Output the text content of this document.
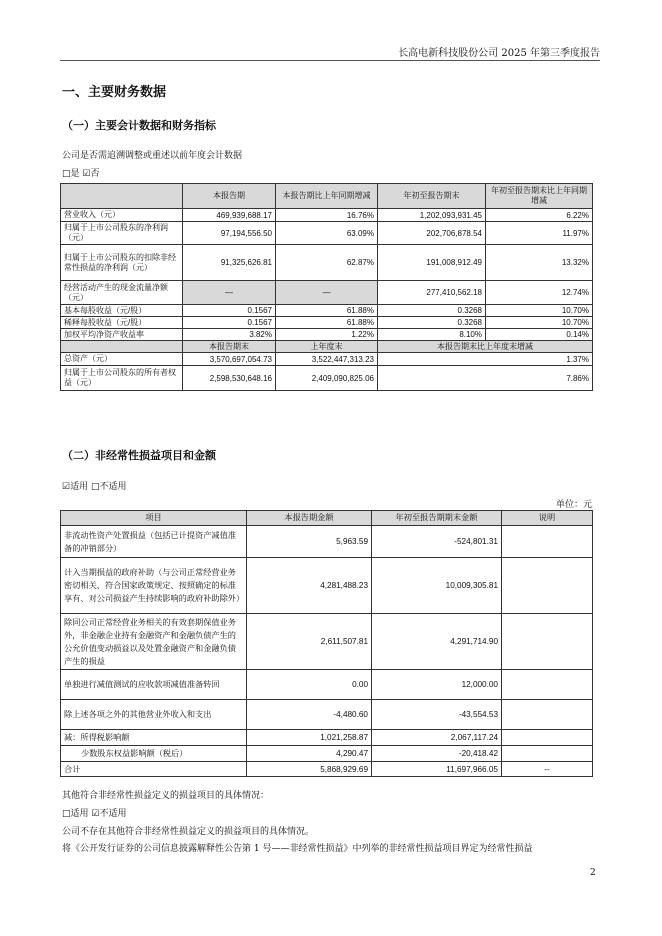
长高电新科技股份公司 2025 年第三季度报告
一、主要财务数据
（一）主要会计数据和财务指标
公司是否需追溯调整或重述以前年度会计数据
□是 ☑否
	本报告期	本报告期比上年同期增减	年初至报告期末	年初至报告期末比上年同期增减
营业收入（元）	469,939,688.17	16.76%	1,202,093,931.45	6.22%
归属于上市公司股东的净利润（元）	97,194,556.50	63.09%	202,706,878.54	11.97%
归属于上市公司股东的扣除非经常性损益的净利润（元）	91,325,626.81	62.87%	191,008,912.49	13.32%
经营活动产生的现金流量净额（元）	—	—	277,410,562.18	12.74%
基本每股收益（元/股）	0.1567	61.88%	0.3268	10.70%
稀释每股收益（元/股）	0.1567	61.88%	0.3268	10.70%
加权平均净资产收益率	3.82%	1.22%	8.10%	0.14%
	本报告期末	上年度末	本报告期末比上年度末增减	
总资产（元）	3,570,697,054.73	3,522,447,313.23	1.37%	
归属于上市公司股东的所有者权益（元）	2,598,530,648.16	2,409,090,825.06	7.86%	
（二）非经常性损益项目和金额
☑适用 □不适用
单位：元
项目	本报告期金额	年初至报告期期末金额	说明
非流动性资产处置损益（包括已计提资产减值准备的冲销部分）	5,963.59	-524,801.31	
计入当期损益的政府补助（与公司正常经营业务密切相关、符合国家政策规定、按照确定的标准享有、对公司损益产生持续影响的政府补助除外）	4,281,488.23	10,009,305.81	
除同公司正常经营业务相关的有效套期保值业务外，非金融企业持有金融资产和金融负债产生的公允价值变动损益以及处置金融资产和金融负债产生的损益	2,611,507.81	4,291,714.90	
单独进行减值测试的应收款项减值准备转回	0.00	12,000.00	
除上述各项之外的其他营业外收入和支出	-4,480.60	-43,554.53	
减：所得税影响额	1,021,258.87	2,067,117.24	
少数股东权益影响额（税后）	4,290.47	-20,418.42	
合计	5,868,929.69	11,697,966.05	--
其他符合非经常性损益定义的损益项目的具体情况：
□适用 ☑不适用
公司不存在其他符合非经常性损益定义的损益项目的具体情况。
将《公开发行证券的公司信息披露解释性公告第 1 号——非经常性损益》中列举的非经常性损益项目界定为经常性损益
2
